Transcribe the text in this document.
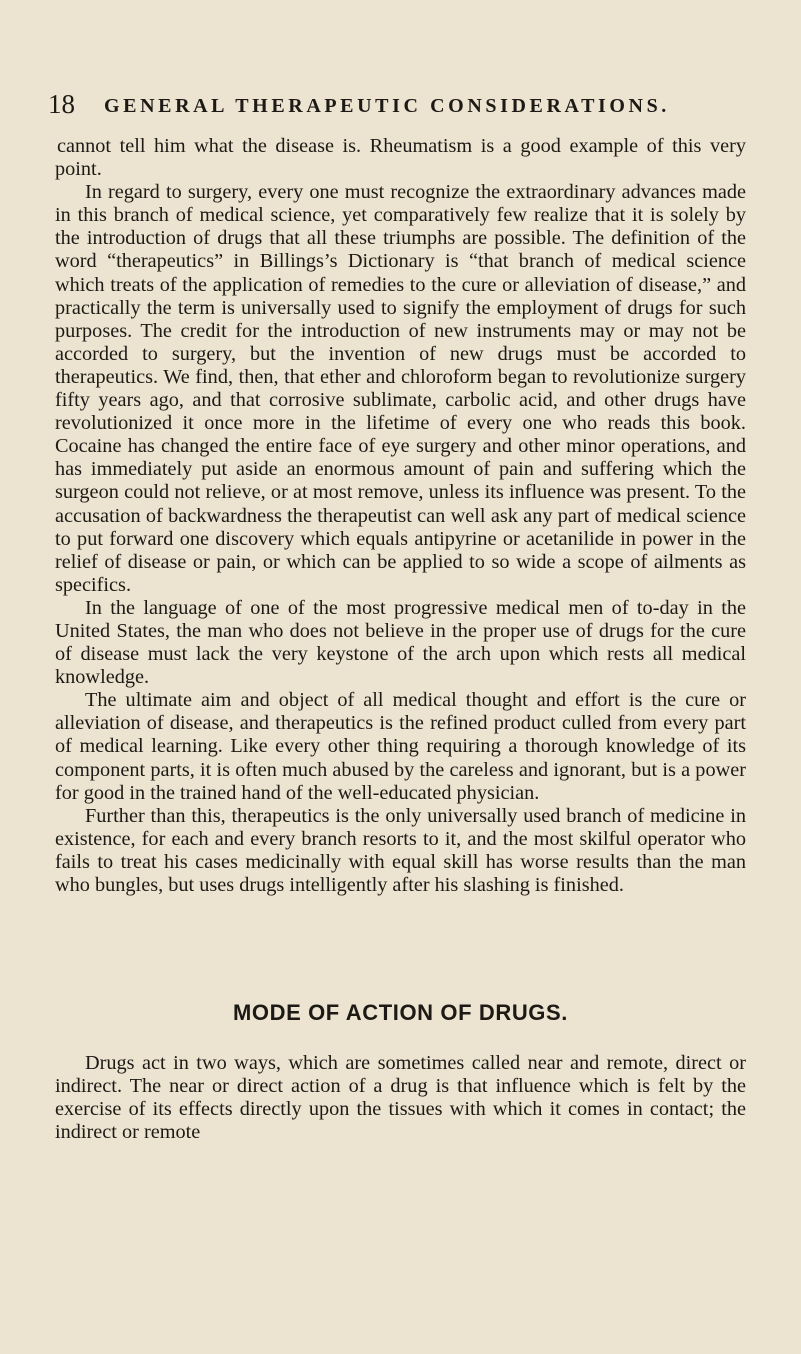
18 GENERAL THERAPEUTIC CONSIDERATIONS.

cannot tell him what the disease is. Rheumatism is a good example of this very point.

In regard to surgery, every one must recognize the extraordinary advances made in this branch of medical science, yet comparatively few realize that it is solely by the introduction of drugs that all these triumphs are possible. The definition of the word “therapeutics” in Billings’s Dictionary is “that branch of medical science which treats of the application of remedies to the cure or alleviation of disease,” and practically the term is universally used to signify the employment of drugs for such purposes. The credit for the introduction of new instruments may or may not be accorded to surgery, but the invention of new drugs must be accorded to therapeutics. We find, then, that ether and chloroform began to revolutionize surgery fifty years ago, and that corrosive sublimate, carbolic acid, and other drugs have revolutionized it once more in the lifetime of every one who reads this book. Cocaine has changed the entire face of eye surgery and other minor operations, and has immediately put aside an enormous amount of pain and suffering which the surgeon could not relieve, or at most remove, unless its influence was present. To the accusation of backwardness the therapeutist can well ask any part of medical science to put forward one discovery which equals antipyrine or acetanilide in power in the relief of disease or pain, or which can be applied to so wide a scope of ailments as specifics.

In the language of one of the most progressive medical men of to-day in the United States, the man who does not believe in the proper use of drugs for the cure of disease must lack the very keystone of the arch upon which rests all medical knowledge.

The ultimate aim and object of all medical thought and effort is the cure or alleviation of disease, and therapeutics is the refined product culled from every part of medical learning. Like every other thing requiring a thorough knowledge of its component parts, it is often much abused by the careless and ignorant, but is a power for good in the trained hand of the well-educated physician.

Further than this, therapeutics is the only universally used branch of medicine in existence, for each and every branch resorts to it, and the most skilful operator who fails to treat his cases medicinally with equal skill has worse results than the man who bungles, but uses drugs intelligently after his slashing is finished.

MODE OF ACTION OF DRUGS.

Drugs act in two ways, which are sometimes called near and remote, direct or indirect. The near or direct action of a drug is that influence which is felt by the exercise of its effects directly upon the tissues with which it comes in contact; the indirect or remote
